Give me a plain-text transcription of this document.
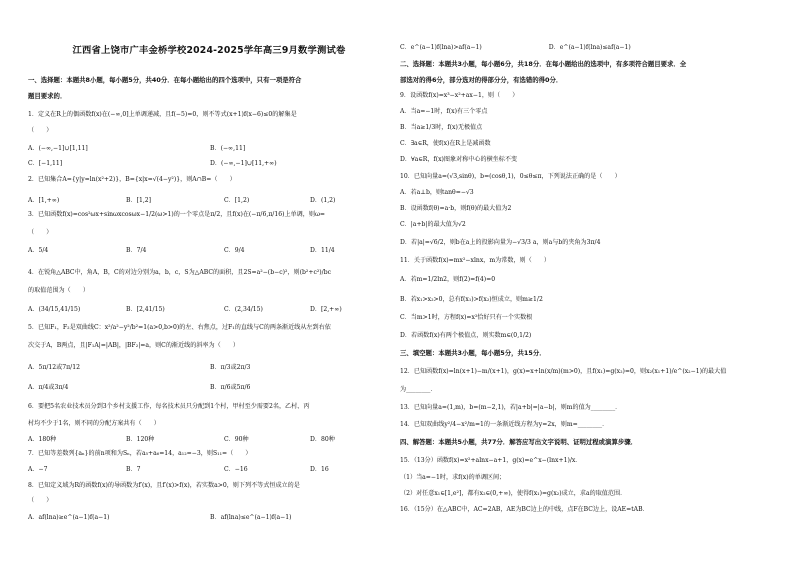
江西省上饶市广丰金桥学校2024-2025学年高三9月数学测试卷
一、选择题：本题共8小题，每小题5分，共40分．在每小题给出的四个选项中，只有一项是符合
题目要求的．
1．定义在R上的偶函数f(x)在(−∞,0]上单调递减，且f(−5)=0，则不等式(x+1)f(x−6)≤0的解集是
（　　）
2．已知集合A={y|y=ln(x²+2)}，B={x|x=√(4−y²)}，则A∩B=（　　）
3．已知函数f(x)=cos²ωx+sinωxcosωx−1/2(ω>1)的一个零点是π/2，且f(x)在(−π/6,π/16)上单调，则ω=
（　　）
4．在锐角△ABC中，角A，B，C的对边分别为a，b，c，S为△ABC的面积，且2S=a²−(b−c)²，则(b²+c²)/bc
的取值范围为（　　）
5．已知F₁，F₂是双曲线C：x²/a²−y²/b²=1(a>0,b>0)的左、右焦点，过F₁的直线与C的两条渐近线从左到右依
次交于A，B两点，且|F₁A|=|AB|，|BF₂|=a，则C的渐近线的斜率为（　　）
6．要把5名农业技术员分到3个乡村支援工作，每名技术员只分配到1个村，甲村至少需要2名，乙村、丙
村均不少于1名，则不同的分配方案共有（　　）
7．已知等差数列{aₙ}的前n项和为Sₙ，若a₅+a₆=14，a₁₂=−3，则S₁₁=（　　）
8．已知定义域为R的函数f(x)的导函数为f′(x)，且f′(x)>f(x)，若实数a>0，则下列不等式恒成立的是
（　　）
A．(−∞,−1]∪[1,11]	B．(−∞,11]
C．[−1,11]	D．(−∞,−1]∪[11,+∞)
A．[1,+∞)	B．[1,2]	C．[1,2)	D．(1,2)
A．5/4	B．7/4	C．9/4	D．11/4
A．(34/15,41/15)	B．[2,41/15)	C．(2,34/15)	D．[2,+∞)
A．5π/12或7π/12	B．π/3或2π/3
A．π/4或3π/4	B．π/6或5π/6
A．180种	B．120种	C．90种	D．80种
A．−7	B．7	C．−16	D．16
A．af(lna)≥e^(a−1)f(a−1)	B．af(lna)≤e^(a−1)f(a−1)
C．e^(a−1)f(lna)>af(a−1)　　　　　　　　　　　D．e^(a−1)f(lna)≤af(a−1)
二、选择题：本题共3小题，每小题6分，共18分．在每小题给出的选项中，有多项符合题目要求．全
部选对的得6分，部分选对的得部分分，有选错的得0分．
9．设函数f(x)=x³−x²+ax−1，则（　　）
A．当a=−1时，f(x)有三个零点
B．当a≥1/3时，f(x)无极值点
C．∃a∈R，使f(x)在R上是减函数
D．∀a∈R，f(x)图象对称中心的横坐标不变
10．已知向量a=(√3,sinθ)，b=(cosθ,1)，0≤θ≤π，下列说法正确的是（　　）
A．若a⊥b，则tanθ=−√3
B．设函数f(θ)=a·b，则f(θ)的最大值为2
C．|a+b|的最大值为√2
D．若|a|=√6/2，则b在a上的投影向量为−√3/3 a，则a与b的夹角为3π/4
11．关于函数f(x)=mx²−xlnx，m为常数，则（　　）
A．若m=1/2ln2，则f(2)=f(4)=0
B．若x₁>x₂>0，总有f(x₁)>f(x₂)恒成立，则m≥1/2
C．当m>1时，方程f(x)=x²恰好只有一个实数根
D．若函数f(x)有两个极值点，则实数m∈(0,1/2)
三、填空题：本题共3小题，每小题5分，共15分．
12．已知函数f(x)=ln(x+1)−m/(x+1)，g(x)=x+ln(x/m)(m>0)，且f(x₁)=g(x₂)=0，则x₂(x₁+1)/e^(x₂−1)的最大值
为________．
13．已知向量a=(1,m)，b=(m−2,1)，若|a+b|=|a−b|，则m的值为________．
14．已知双曲线y²/4−x²/m=1的一条渐近线方程为y=2x，则m=________．
四、解答题：本题共5小题，共77分．解答应写出文字说明、证明过程或演算步骤．
15．（13分）函数f(x)=x²+alnx−a+1，g(x)=e^x−(lnx+1)/x．
（1）当a=−1时，求f(x)的单调区间；
（2）对任意x₁∈[1,e²]，都有x₂∈(0,+∞)，使得f(x₁)=g(x₂)成立，求a的取值范围．
16．（15分）在△ABC中，AC=2AB，AE为BC边上的中线，点F在BC边上，设AE=tAB．
